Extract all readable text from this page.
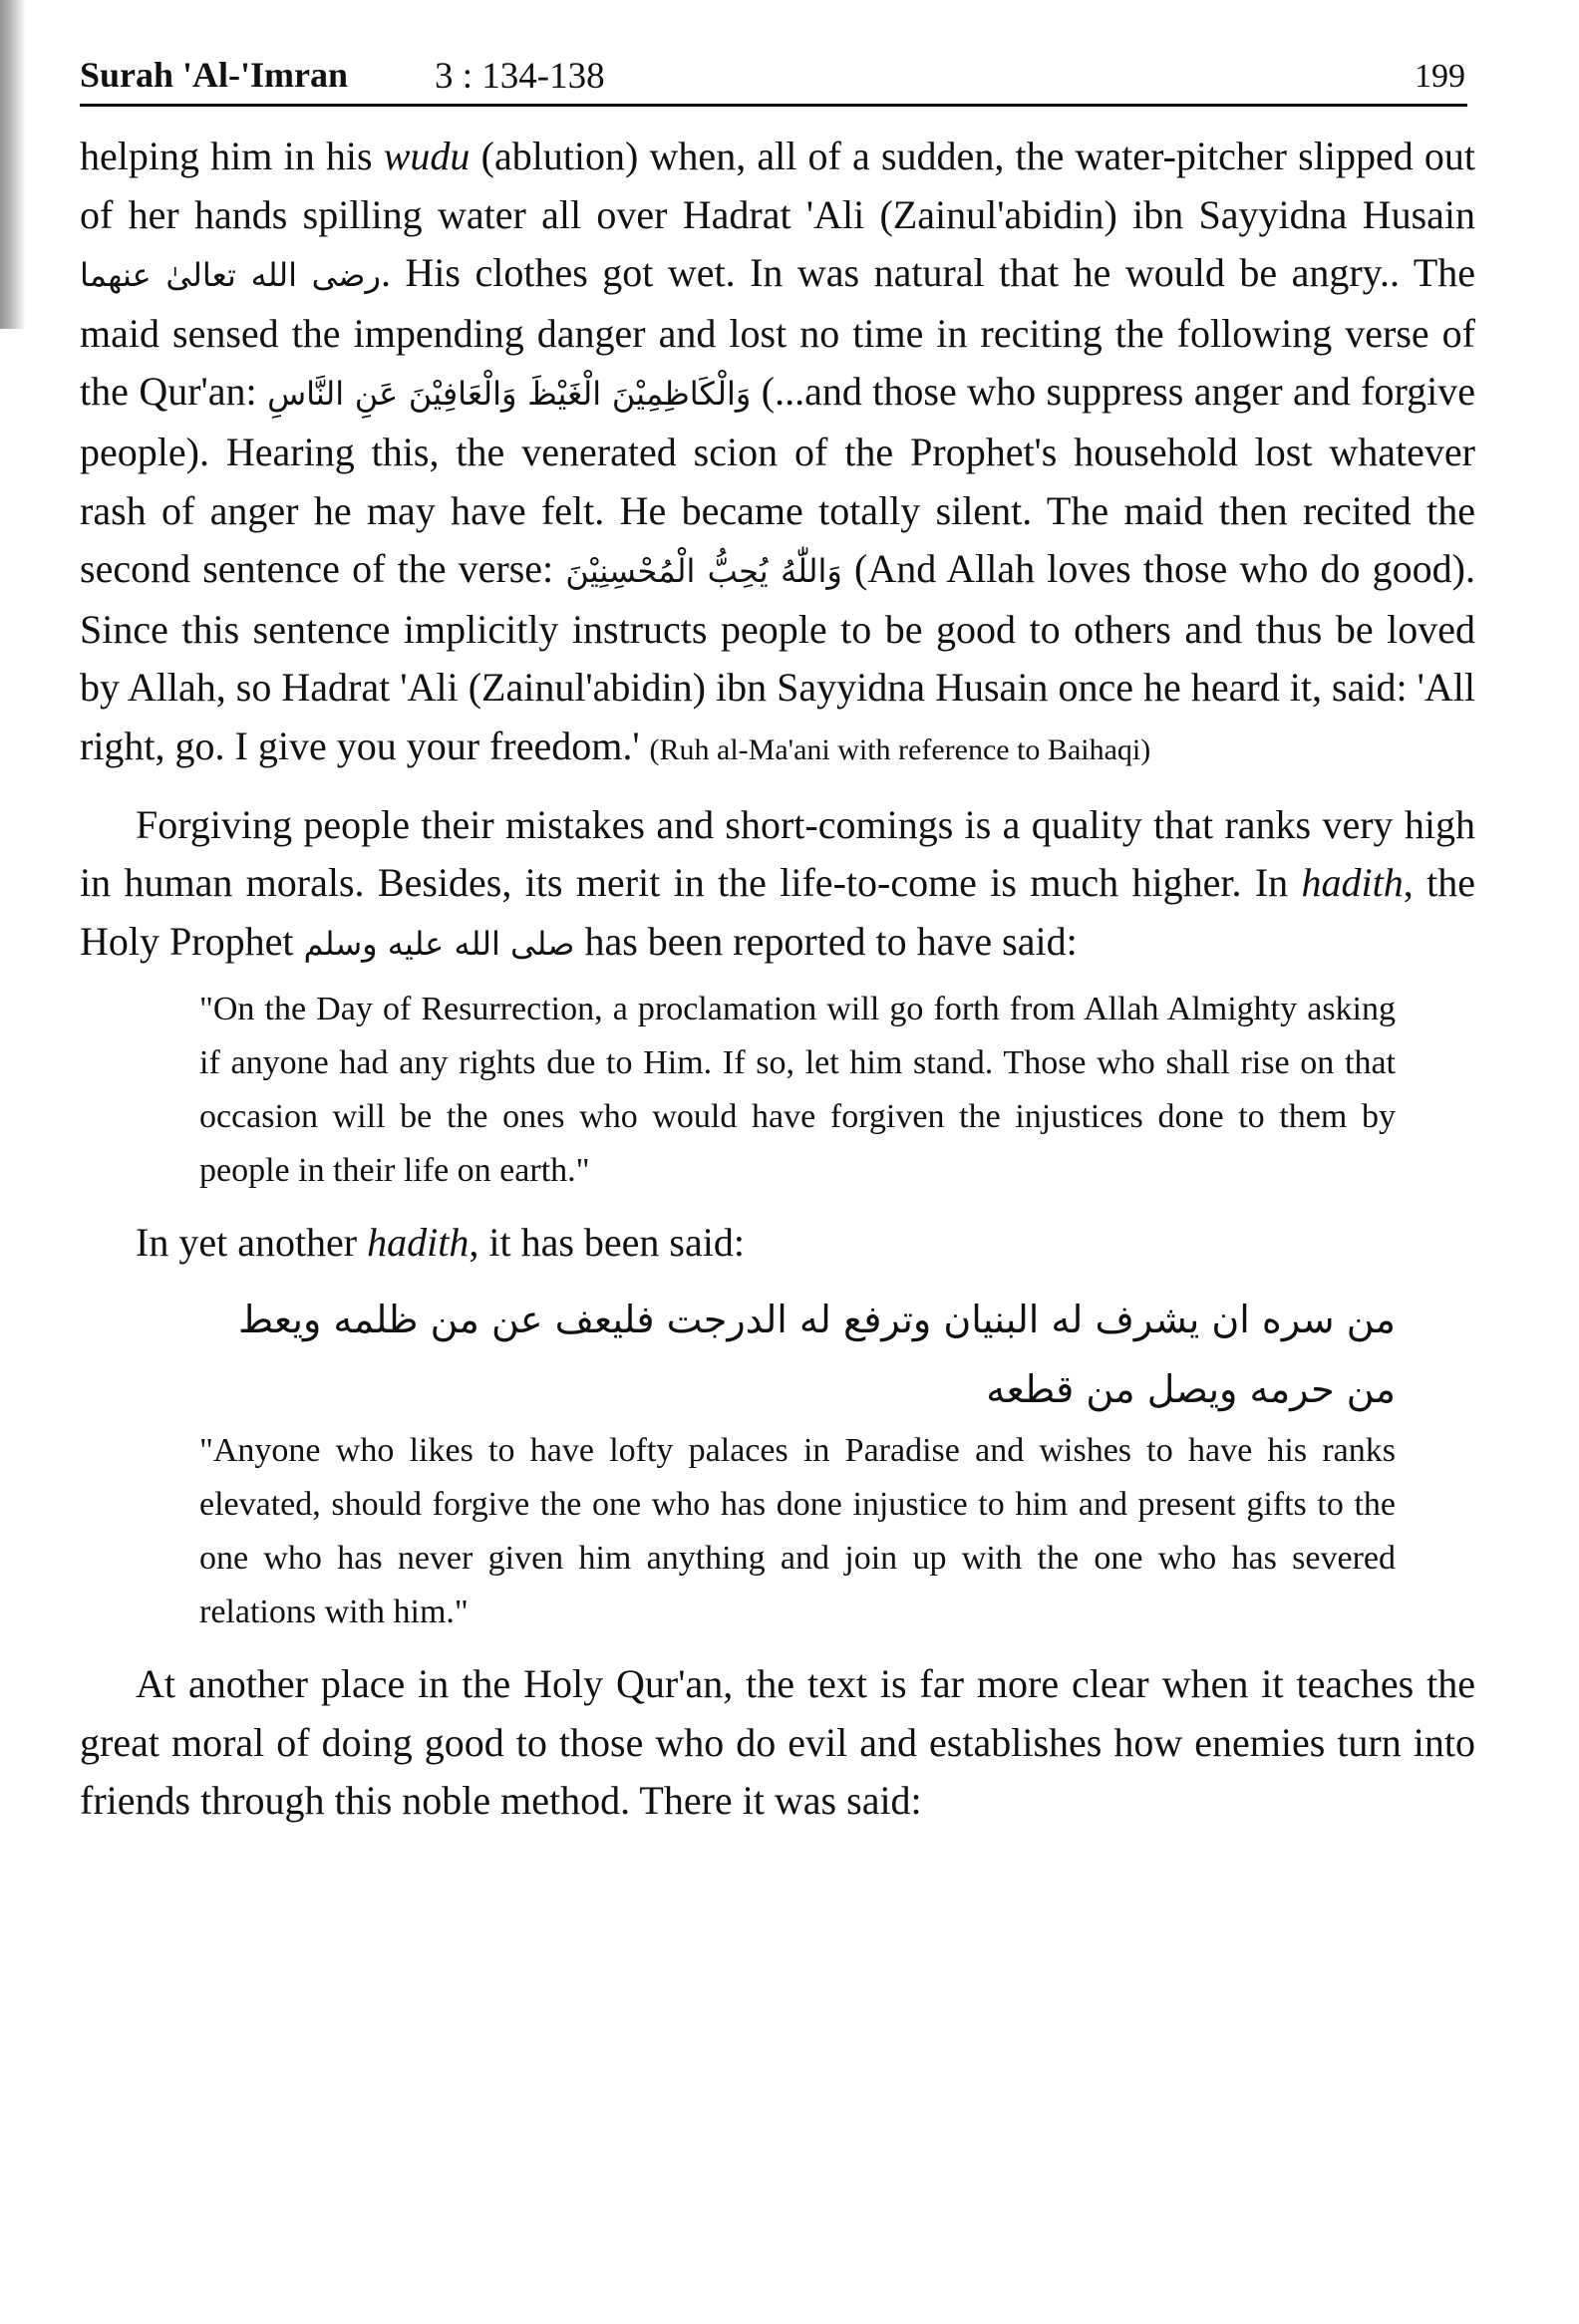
Surah 'Al-'Imran 3 : 134-138	199

helping him in his wudu (ablution) when, all of a sudden, the water-pitcher slipped out of her hands spilling water all over Hadrat 'Ali (Zainul'abidin) ibn Sayyidna Husain رضی الله تعالیٰ عنهما. His clothes got wet. In was natural that he would be angry.. The maid sensed the impending danger and lost no time in reciting the following verse of the Qur'an: وَالْكَاظِمِيْنَ الْغَيْظَ وَالْعَافِيْنَ عَنِ النَّاسِ (...and those who suppress anger and forgive people). Hearing this, the venerated scion of the Prophet's household lost whatever rash of anger he may have felt. He became totally silent. The maid then recited the second sentence of the verse: وَاللّٰهُ يُحِبُّ الْمُحْسِنِيْنَ (And Allah loves those who do good). Since this sentence implicitly instructs people to be good to others and thus be loved by Allah, so Hadrat 'Ali (Zainul'abidin) ibn Sayyidna Husain once he heard it, said: 'All right, go. I give you your freedom.' (Ruh al-Ma'ani with reference to Baihaqi)

Forgiving people their mistakes and short-comings is a quality that ranks very high in human morals. Besides, its merit in the life-to-come is much higher. In hadith, the Holy Prophet صلی الله علیه وسلم has been reported to have said:

"On the Day of Resurrection, a proclamation will go forth from Allah Almighty asking if anyone had any rights due to Him. If so, let him stand. Those who shall rise on that occasion will be the ones who would have forgiven the injustices done to them by people in their life on earth."

In yet another hadith, it has been said:

من سره ان يشرف له البنيان وترفع له الدرجت فليعف عن من ظلمه ويعط من حرمه ويصل من قطعه

"Anyone who likes to have lofty palaces in Paradise and wishes to have his ranks elevated, should forgive the one who has done injustice to him and present gifts to the one who has never given him anything and join up with the one who has severed relations with him."

At another place in the Holy Qur'an, the text is far more clear when it teaches the great moral of doing good to those who do evil and establishes how enemies turn into friends through this noble method. There it was said:
